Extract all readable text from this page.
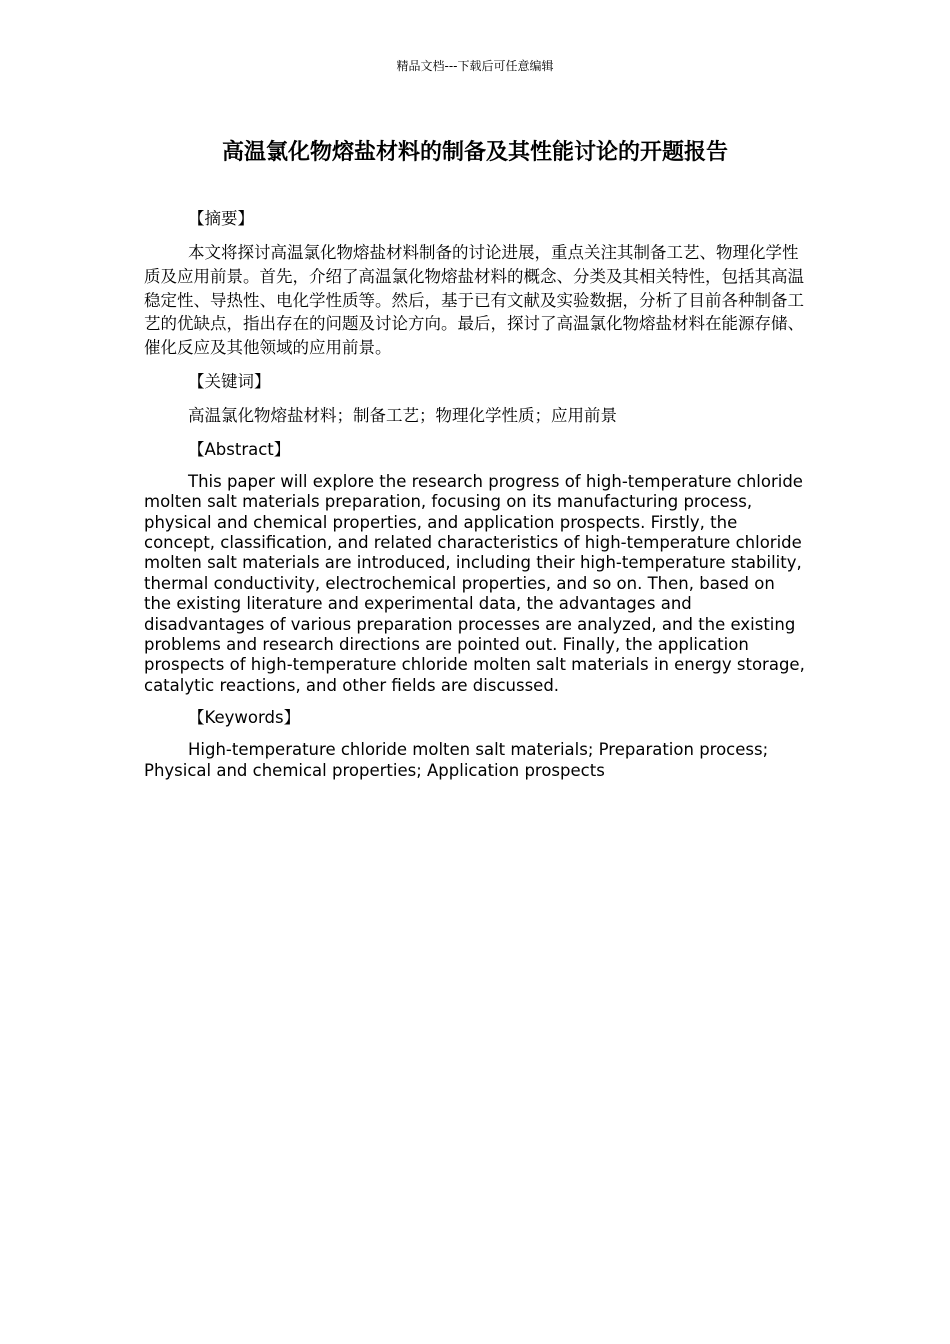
精品文档---下载后可任意编辑
高温氯化物熔盐材料的制备及其性能讨论的开题报告

【摘要】

本文将探讨高温氯化物熔盐材料制备的讨论进展，重点关注其制备工艺、物理化学性质及应用前景。首先，介绍了高温氯化物熔盐材料的概念、分类及其相关特性，包括其高温稳定性、导热性、电化学性质等。然后，基于已有文献及实验数据，分析了目前各种制备工艺的优缺点，指出存在的问题及讨论方向。最后，探讨了高温氯化物熔盐材料在能源存储、催化反应及其他领域的应用前景。

【关键词】

高温氯化物熔盐材料；制备工艺；物理化学性质；应用前景

【Abstract】

This paper will explore the research progress of high-temperature chloride molten salt materials preparation, focusing on its manufacturing process, physical and chemical properties, and application prospects. Firstly, the concept, classification, and related characteristics of high-temperature chloride molten salt materials are introduced, including their high-temperature stability, thermal conductivity, electrochemical properties, and so on. Then, based on the existing literature and experimental data, the advantages and disadvantages of various preparation processes are analyzed, and the existing problems and research directions are pointed out. Finally, the application prospects of high-temperature chloride molten salt materials in energy storage, catalytic reactions, and other fields are discussed.

【Keywords】

High-temperature chloride molten salt materials; Preparation process; Physical and chemical properties; Application prospects
